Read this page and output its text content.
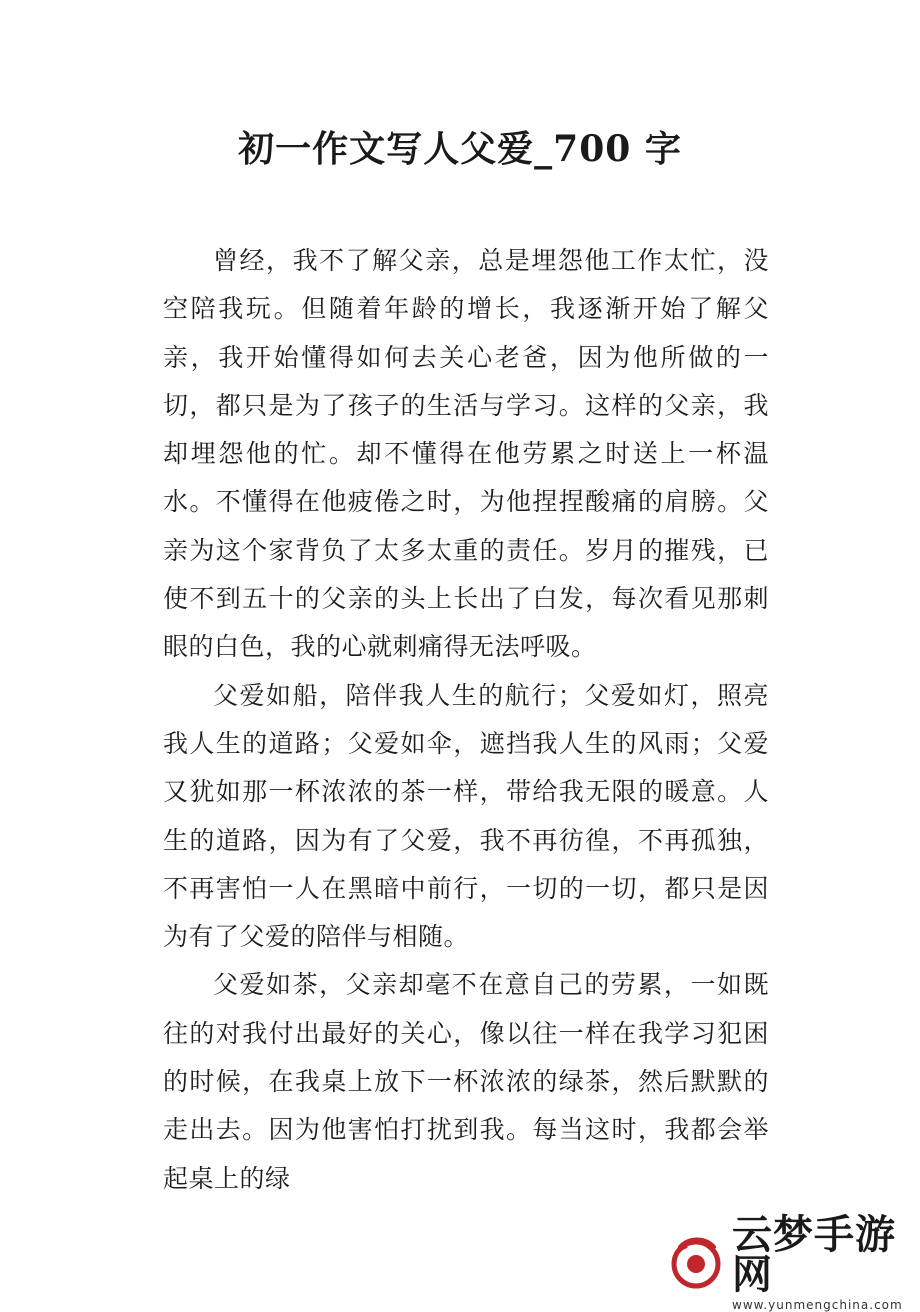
初一作文写人父爱_700 字

曾经，我不了解父亲，总是埋怨他工作太忙，没空陪我玩。但随着年龄的增长，我逐渐开始了解父亲，我开始懂得如何去关心老爸，因为他所做的一切，都只是为了孩子的生活与学习。这样的父亲，我却埋怨他的忙。却不懂得在他劳累之时送上一杯温水。不懂得在他疲倦之时，为他捏捏酸痛的肩膀。父亲为这个家背负了太多太重的责任。岁月的摧残，已使不到五十的父亲的头上长出了白发，每次看见那刺眼的白色，我的心就刺痛得无法呼吸。

父爱如船，陪伴我人生的航行；父爱如灯，照亮我人生的道路；父爱如伞，遮挡我人生的风雨；父爱又犹如那一杯浓浓的茶一样，带给我无限的暖意。人生的道路，因为有了父爱，我不再彷徨，不再孤独，不再害怕一人在黑暗中前行，一切的一切，都只是因为有了父爱的陪伴与相随。

父爱如茶，父亲却毫不在意自己的劳累，一如既往的对我付出最好的关心，像以往一样在我学习犯困的时候，在我桌上放下一杯浓浓的绿茶，然后默默的走出去。因为他害怕打扰到我。每当这时，我都会举起桌上的绿

云梦手游网
www.yunmengchina.com
